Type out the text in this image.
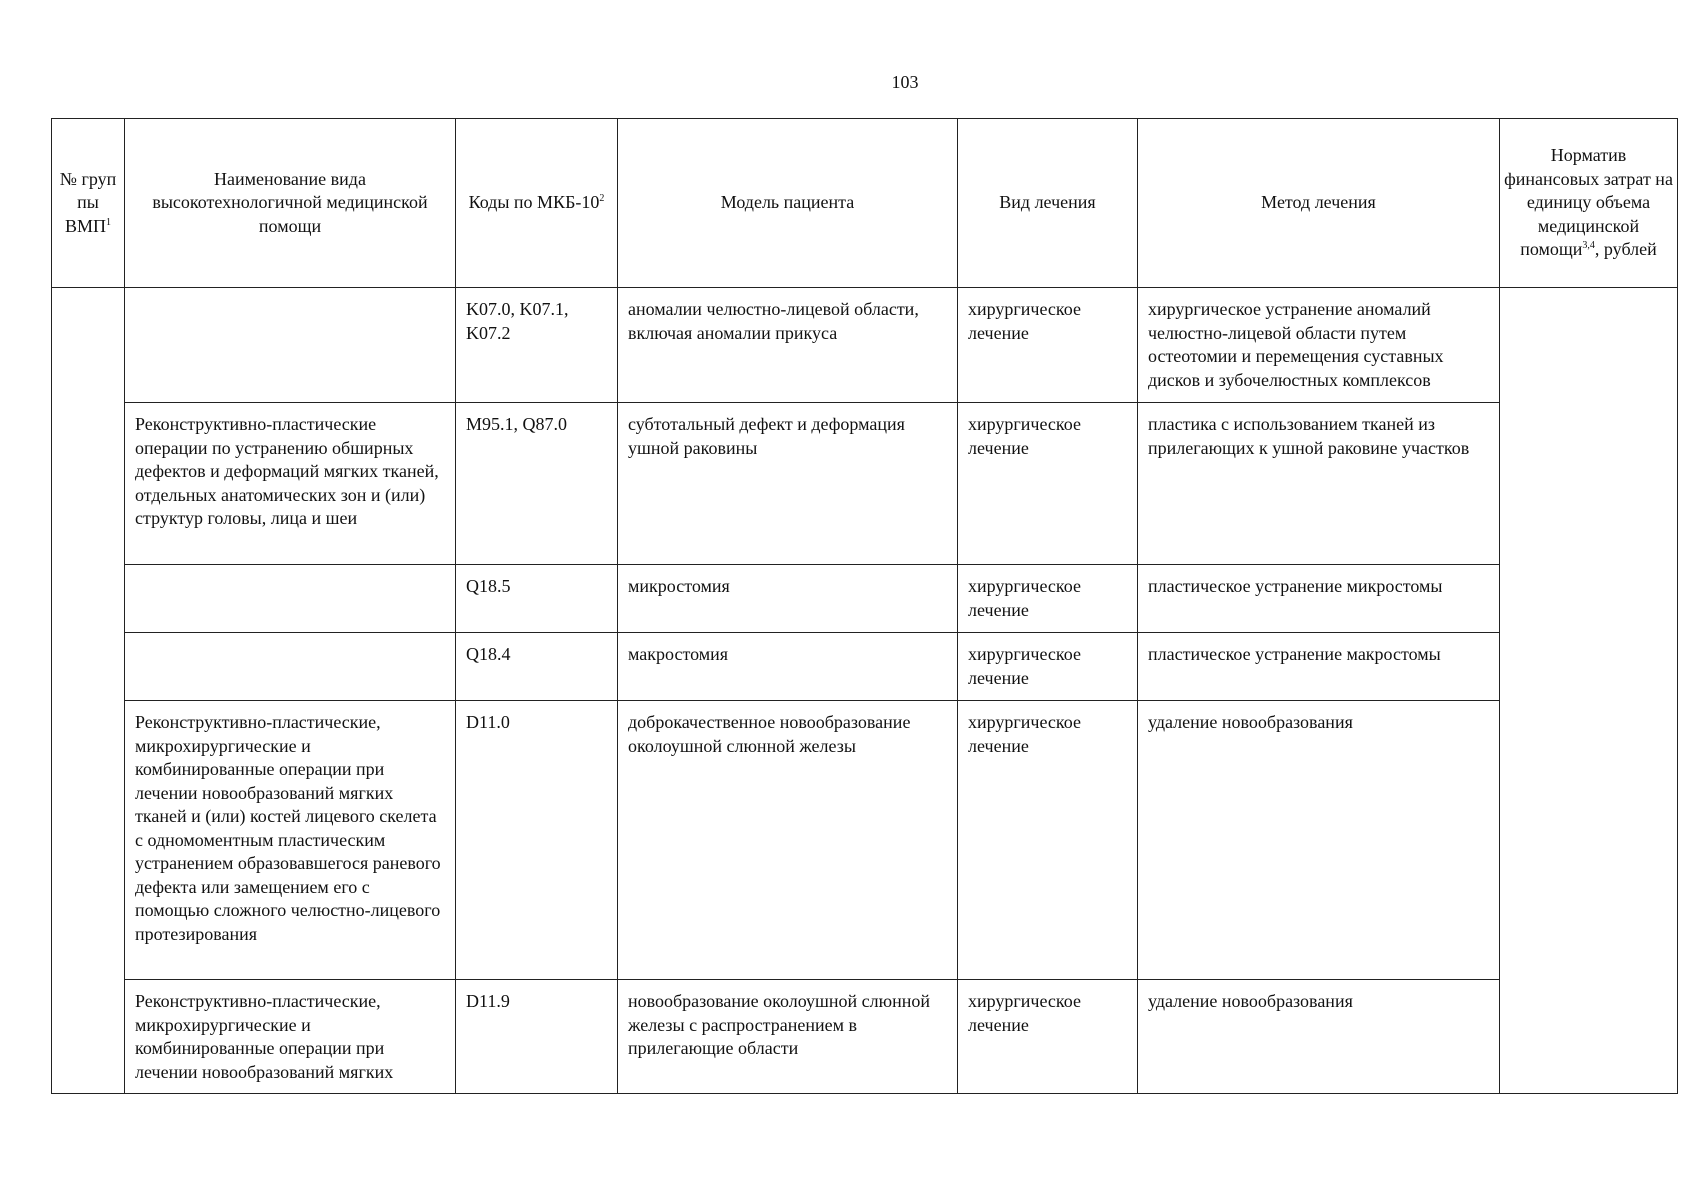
103
№ груп пы ВМП$^1$	Наименование вида высокотехнологичной медицинской помощи	Коды по МКБ-$10^2$	Модель пациента	Вид лечения	Метод лечения	Норматив финансовых затрат на единицу объема медицинской помощи$^{3,4}$, рублей
		K07.0, K07.1, K07.2	аномалии челюстно-лицевой области, включая аномалии прикуса	хирургическое лечение	хирургическое устранение аномалий челюстно-лицевой области путем остеотомии и перемещения суставных дисков и зубочелюстных комплексов	
	Реконструктивно-пластические операции по устранению обширных дефектов и деформаций мягких тканей, отдельных анатомических зон и (или) структур головы, лица и шеи	M95.1, Q87.0	субтотальный дефект и деформация ушной раковины	хирургическое лечение	пластика с использованием тканей из прилегающих к ушной раковине участков	
		Q18.5	микростомия	хирургическое лечение	пластическое устранение микростомы	
		Q18.4	макростомия	хирургическое лечение	пластическое устранение макростомы	
	Реконструктивно-пластические, микрохирургические и комбинированные операции при лечении новообразований мягких тканей и (или) костей лицевого скелета с одномоментным пластическим устранением образовавшегося раневого дефекта или замещением его с помощью сложного челюстно-лицевого протезирования	D11.0	доброкачественное новообразование околоушной слюнной железы	хирургическое лечение	удаление новообразования	
	Реконструктивно-пластические, микрохирургические и комбинированные операции при лечении новообразований мягких	D11.9	новообразование околоушной слюнной железы с распространением в прилегающие области	хирургическое лечение	удаление новообразования	
